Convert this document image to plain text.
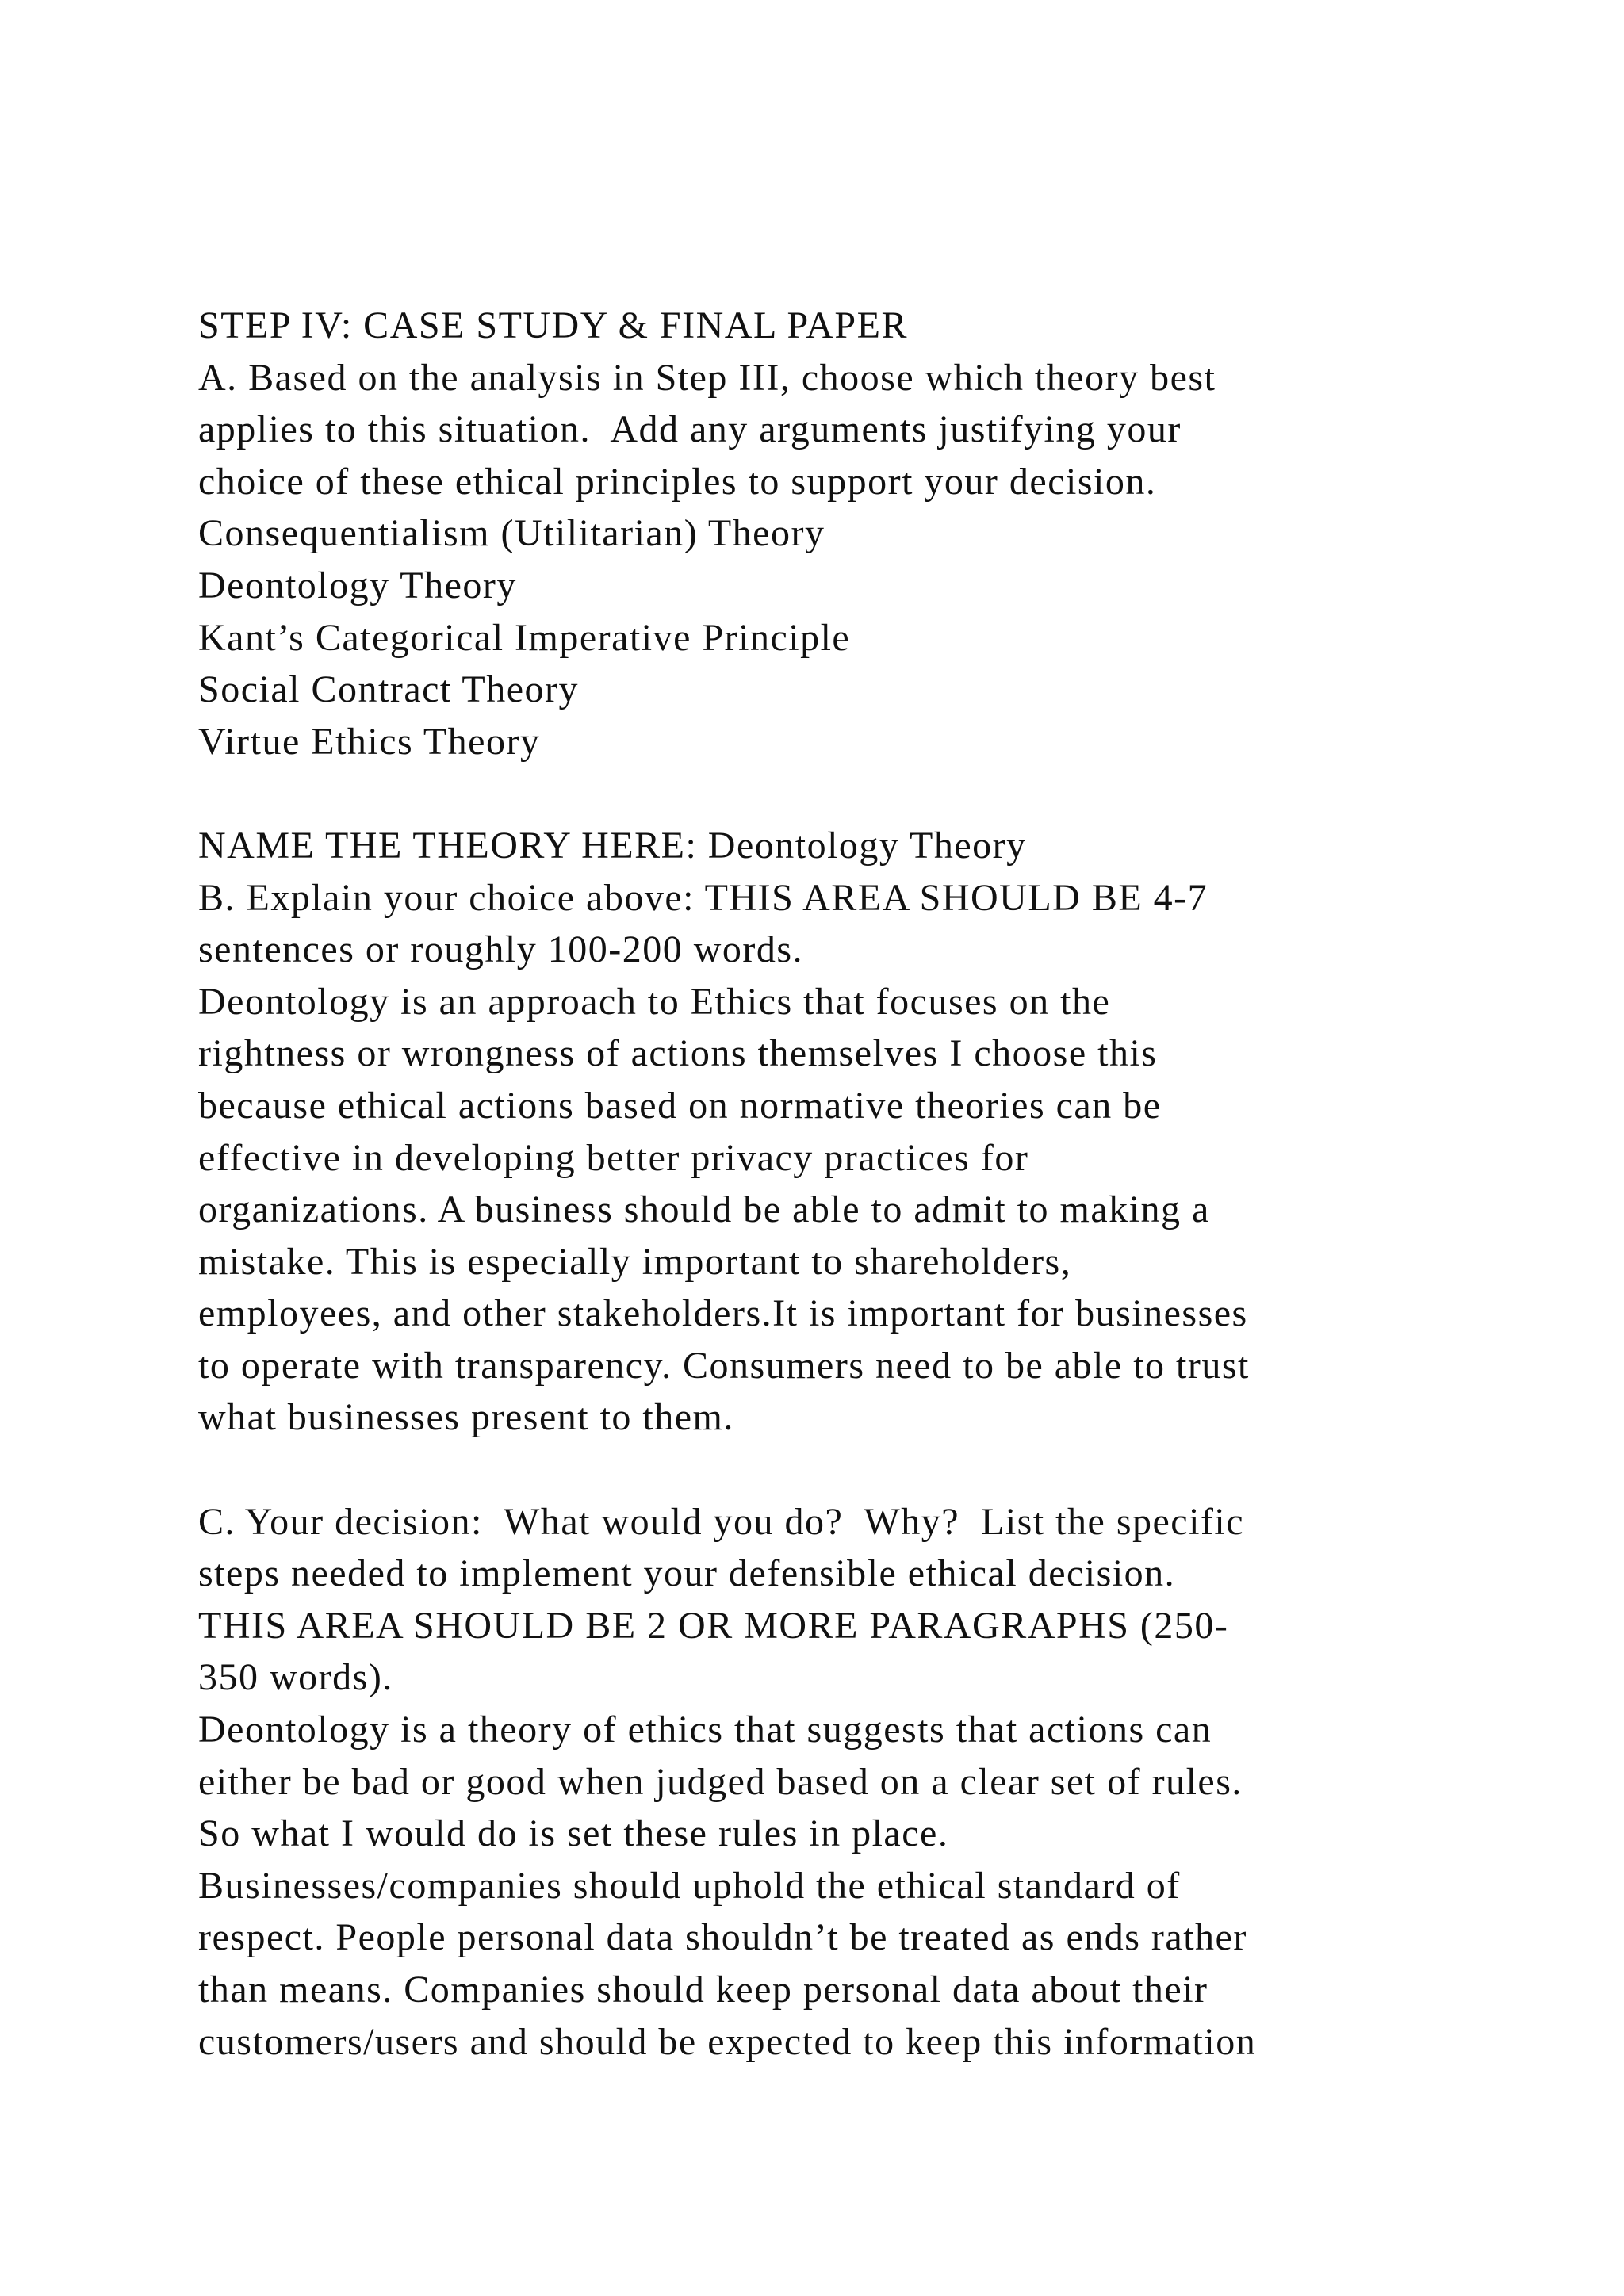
STEP IV: CASE STUDY & FINAL PAPER
A. Based on the analysis in Step III, choose which theory best
applies to this situation.  Add any arguments justifying your
choice of these ethical principles to support your decision.
Consequentialism (Utilitarian) Theory
Deontology Theory
Kant’s Categorical Imperative Principle
Social Contract Theory
Virtue Ethics Theory
NAME THE THEORY HERE: Deontology Theory
B. Explain your choice above: THIS AREA SHOULD BE 4-7
sentences or roughly 100-200 words.
Deontology is an approach to Ethics that focuses on the
rightness or wrongness of actions themselves I choose this
because ethical actions based on normative theories can be
effective in developing better privacy practices for
organizations. A business should be able to admit to making a
mistake. This is especially important to shareholders,
employees, and other stakeholders.It is important for businesses
to operate with transparency. Consumers need to be able to trust
what businesses present to them.
C. Your decision:  What would you do?  Why?  List the specific
steps needed to implement your defensible ethical decision.
THIS AREA SHOULD BE 2 OR MORE PARAGRAPHS (250-
350 words).
Deontology is a theory of ethics that suggests that actions can
either be bad or good when judged based on a clear set of rules.
So what I would do is set these rules in place.
Businesses/companies should uphold the ethical standard of
respect. People personal data shouldn’t be treated as ends rather
than means. Companies should keep personal data about their
customers/users and should be expected to keep this information
